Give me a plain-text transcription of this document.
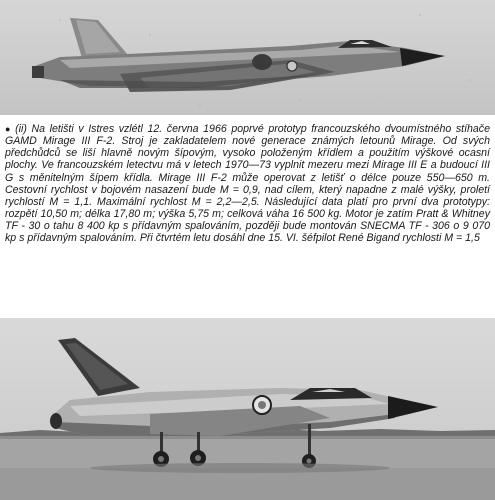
● (ii) Na letišti v Istres vzlétl 12. června 1966 poprvé prototyp francouzského dvoumístného stíhače GAMD Mirage III F-2. Stroj je zakladatelem nové generace známých letounů Mirage. Od svých předchůdců se liší hlavně novým šípovým, vysoko položeným křídlem a použitím výškové ocasní plochy. Ve francouzském letectvu má v letech 1970—73 vyplnit mezeru mezi Mirage III E a budoucí III G s měnitelným šípem křídla. Mirage III F-2 může operovat z letišť o délce pouze 550—650 m. Cestovní rychlost v bojovém nasazení bude M = 0,9, nad cílem, který napadne z malé výšky, proletí rychlostí M = 1,1. Maximální rychlost M = 2,2—2,5. Následující data platí pro první dva prototypy: rozpětí 10,50 m; délka 17,80 m; výška 5,75 m; celková váha 16 500 kg. Motor je zatím Pratt & Whitney TF - 30 o tahu 8 400 kp s přídavným spalováním, později bude montován SNECMA TF - 306 o 9 070 kp s přídavným spalováním. Při čtvrtém letu dosáhl dne 15. VI. šéfpilot René Bigand rychlosti M = 1,5
